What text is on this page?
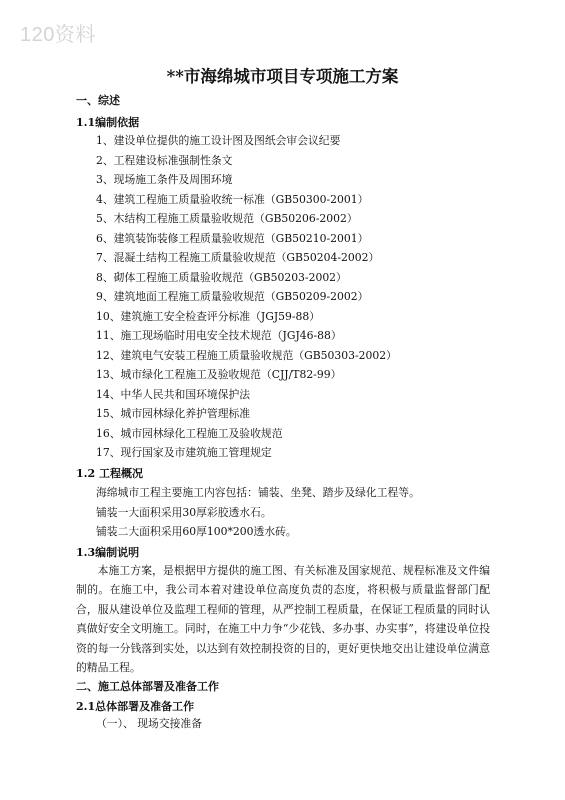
120资料
**市海绵城市项目专项施工方案
一、综述
1.1编制依据
1、建设单位提供的施工设计图及图纸会审会议纪要
2、工程建设标准强制性条文
3、现场施工条件及周围环境
4、建筑工程施工质量验收统一标准（GB50300-2001）
5、木结构工程施工质量验收规范（GB50206-2002）
6、建筑装饰装修工程质量验收规范（GB50210-2001）
7、混凝土结构工程施工质量验收规范（GB50204-2002）
8、砌体工程施工质量验收规范（GB50203-2002）
9、建筑地面工程施工质量验收规范（GB50209-2002）
10、建筑施工安全检查评分标准（JGJ59-88）
11、施工现场临时用电安全技术规范（JGJ46-88）
12、建筑电气安装工程施工质量验收规范（GB50303-2002）
13、城市绿化工程施工及验收规范（CJJ/T82-99）
14、中华人民共和国环境保护法
15、城市园林绿化养护管理标准
16、城市园林绿化工程施工及验收规范
17、现行国家及市建筑施工管理规定
1.2 工程概况
海绵城市工程主要施工内容包括：铺装、坐凳、踏步及绿化工程等。
铺装一大面积采用30厚彩胶透水石。
铺装二大面积采用60厚100*200透水砖。
1.3编制说明

本施工方案，是根据甲方提供的施工图、有关标准及国家规范、规程标准及文件编制的。在施工中，我公司本着对建设单位高度负责的态度，将积极与质量监督部门配合，服从建设单位及监理工程师的管理，从严控制工程质量，在保证工程质量的同时认真做好安全文明施工。同时，在施工中力争“少花钱、多办事、办实事”，将建设单位投资的每一分钱落到实处，以达到有效控制投资的目的，更好更快地交出让建设单位满意的精品工程。

二、施工总体部署及准备工作
2.1总体部署及准备工作
（一）、 现场交接准备
